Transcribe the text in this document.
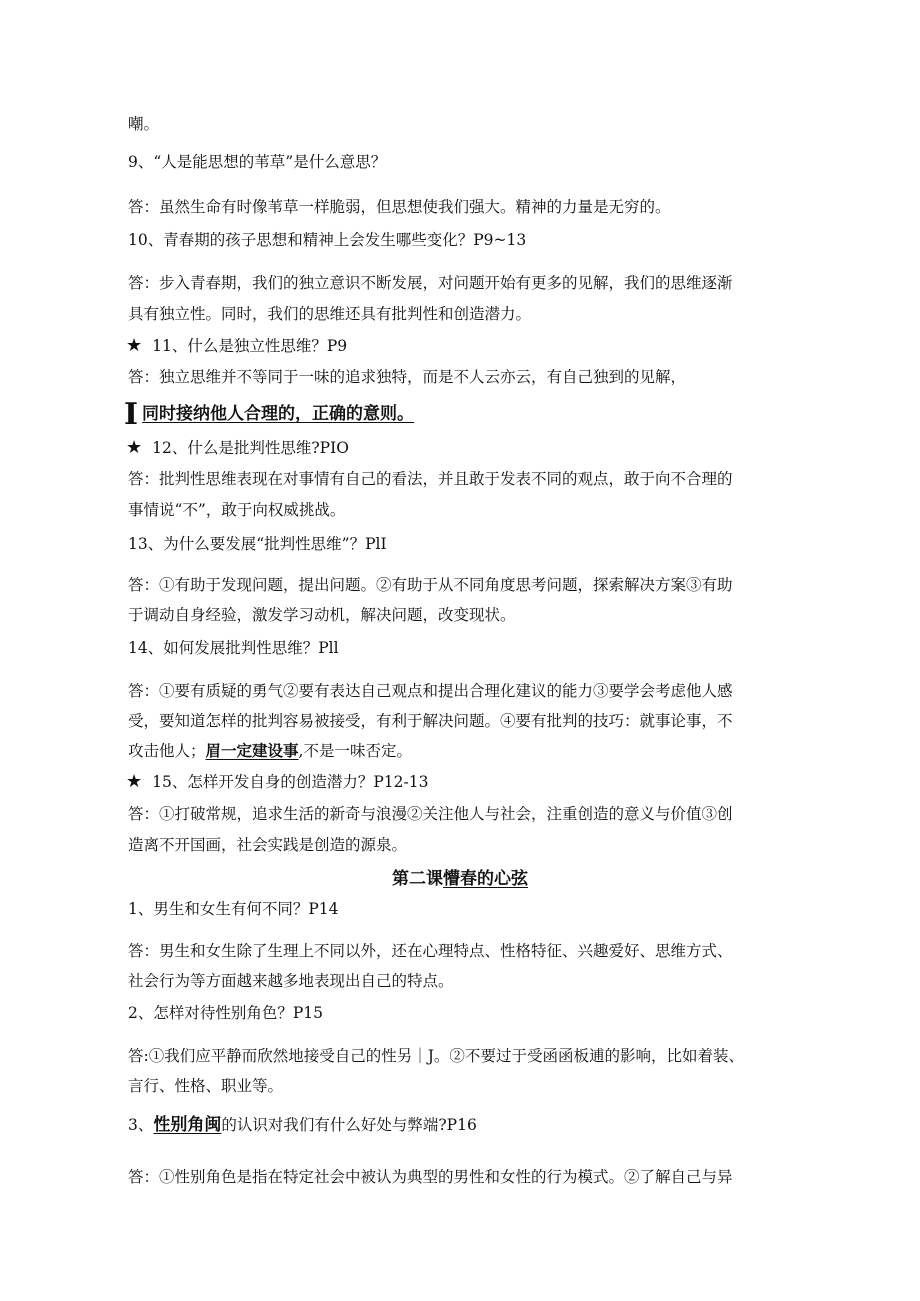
嘲。
9、“人是能思想的苇草”是什么意思？
答：虽然生命有时像苇草一样脆弱，但思想使我们强大。精神的力量是无穷的。
10、青春期的孩子思想和精神上会发生哪些变化？P9~13
答：步入青春期，我们的独立意识不断发展，对问题开始有更多的见解，我们的思维逐渐
具有独立性。同时，我们的思维还具有批判性和创造潜力。
★ 11、什么是独立性思维？P9
答：独立思维并不等同于一味的追求独特，而是不人云亦云，有自己独到的见解，
I同时接纳他人合理的，正确的意则。
★ 12、什么是批判性思维?PIO
答：批判性思维表现在对事情有自己的看法，并且敢于发表不同的观点，敢于向不合理的
事情说“不”，敢于向权威挑战。
13、为什么要发展“批判性思维”？PlI
答：①有助于发现问题，提出问题。②有助于从不同角度思考问题，探索解决方案③有助
于调动自身经验，激发学习动机，解决问题，改变现状。
14、如何发展批判性思维？Pll
答：①要有质疑的勇气②要有表达自己观点和提出合理化建议的能力③要学会考虑他人感
受，要知道怎样的批判容易被接受，有利于解决问题。④要有批判的技巧：就事论事，不
攻击他人；眉一定建设事,不是一味否定。
★ 15、怎样开发自身的创造潜力？P12-13
答：①打破常规，追求生活的新奇与浪漫②关注他人与社会，注重创造的意义与价值③创
造离不开国画，社会实践是创造的源泉。
第二课懵春的心弦
1、男生和女生有何不同？P14
答：男生和女生除了生理上不同以外，还在心理特点、性格特征、兴趣爱好、思维方式、
社会行为等方面越来越多地表现出自己的特点。
2、怎样对待性别角色？P15
答:①我们应平静而欣然地接受自己的性另｜J。②不要过于受函函板逋的影响，比如着装、
言行、性格、职业等。
3、性别角闽的认识对我们有什么好处与弊端?P16
答：①性别角色是指在特定社会中被认为典型的男性和女性的行为模式。②了解自己与异
